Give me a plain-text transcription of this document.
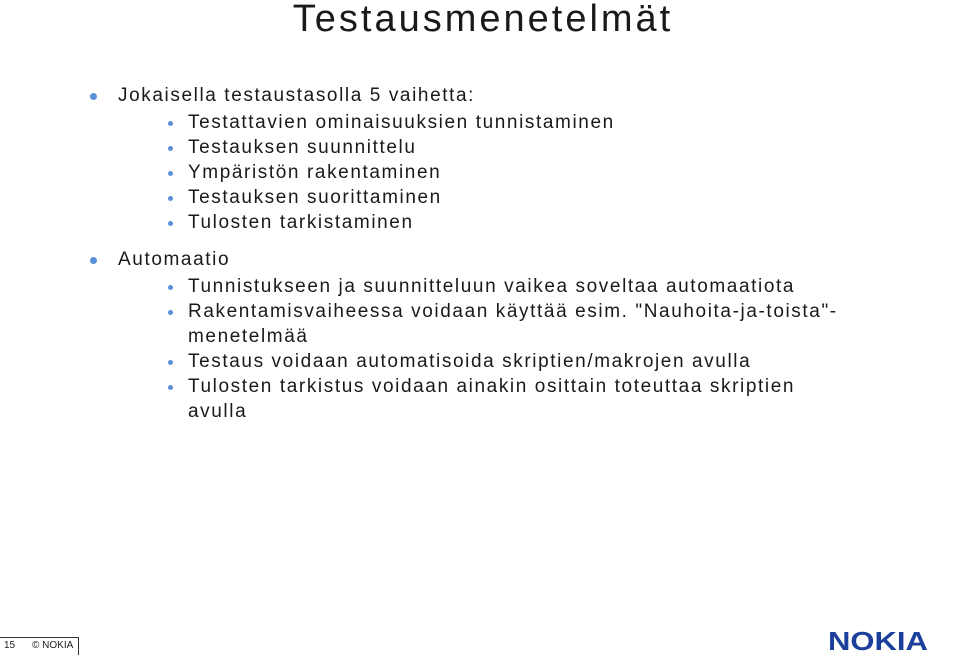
Testausmenetelmät
Jokaisella testaustasolla 5 vaihetta:
Testattavien ominaisuuksien tunnistaminen
Testauksen suunnittelu
Ympäristön rakentaminen
Testauksen suorittaminen
Tulosten tarkistaminen
Automaatio
Tunnistukseen ja suunnitteluun vaikea soveltaa automaatiota
Rakentamisvaiheessa voidaan käyttää esim. "Nauhoita-ja-toista"-
menetelmää
Testaus voidaan automatisoida skriptien/makrojen avulla
Tulosten tarkistus voidaan ainakin osittain toteuttaa skriptien
avulla
15 © NOKIA	NOKIA
